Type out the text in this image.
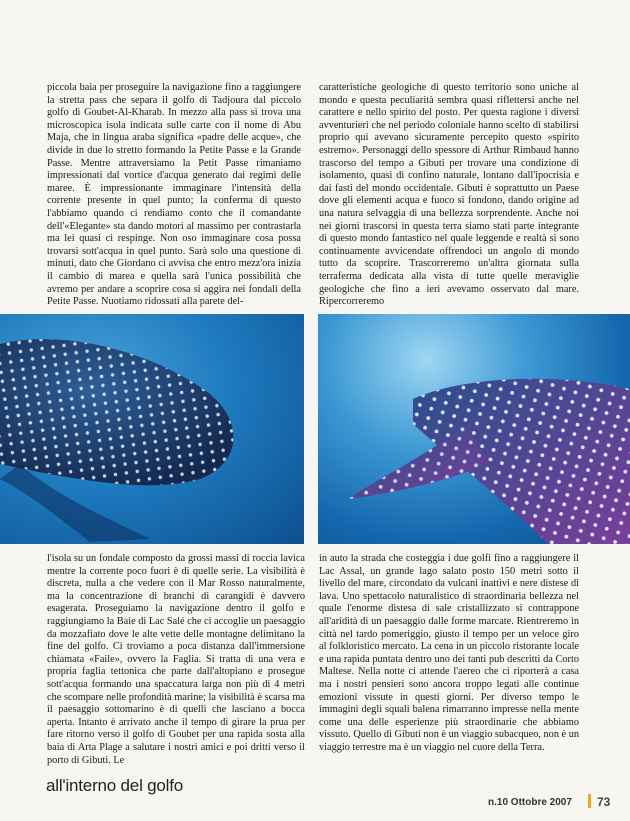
piccola baia per proseguire la navigazione fino a raggiungere la stretta pass che separa il golfo di Tadjoura dal piccolo golfo di Goubet-Al-Kharab. In mezzo alla pass si trova una microscopica isola indicata sulle carte con il nome di Abu Maja, che in lingua araba significa «padre delle acque», che divide in due lo stretto formando la Petite Passe e la Grande Passe. Mentre attraversiamo la Petit Passe rimaniamo impressionati dal vortice d'acqua generato dai regimi delle maree. È impressionante immaginare l'intensità della corrente presente in quel punto; la conferma di questo l'abbiamo quando ci rendiamo conto che il comandante dell'«Elegante» sta dando motori al massimo per contrastarla ma lei quasi ci respinge. Non oso immaginare cosa possa trovarsi sott'acqua in quel punto. Sarà solo una questione di minuti, dato che Giordano ci avvisa che entro mezz'ora inizia il cambio di marea e quella sarà l'unica possibilità che avremo per andare a scoprire cosa si aggira nei fondali della Petite Passe. Nuotiamo ridossati alla parete del-

caratteristiche geologiche di questo territorio sono uniche al mondo e questa peculiarità sembra quasi riflettersi anche nel carattere e nello spirito del posto. Per questa ragione i diversi avventurieri che nel periodo coloniale hanno scelto di stabilirsi proprio qui avevano sicuramente percepito questo «spirito estremo». Personaggi dello spessore di Arthur Rimbaud hanno trascorso del tempo a Gibuti per trovare una condizione di isolamento, quasi di confino naturale, lontano dall'ipocrisia e dai fasti del mondo occidentale. Gibuti è soprattutto un Paese dove gli elementi acqua e fuoco si fondono, dando origine ad una natura selvaggia di una bellezza sorprendente. Anche noi nei giorni trascorsi in questa terra siamo stati parte integrante di questo mondo fantastico nel quale leggende e realtà si sono continuamente avvicendate offrendoci un angolo di mondo tutto da scoprire. Trascorreremo un'altra giornata sulla terraferma dedicata alla vista di tutte quelle meraviglie geologiche che fino a ieri avevamo osservato dal mare. Ripercorreremo

l'isola su un fondale composto da grossi massi di roccia lavica mentre la corrente poco fuori è di quelle serie. La visibilità è discreta, nulla a che vedere con il Mar Rosso naturalmente, ma la concentrazione di branchi di carangidi è davvero esagerata. Proseguiamo la navigazione dentro il golfo e raggiungiamo la Baie di Lac Salé che ci accoglie un paesaggio da mozzafiato dove le alte vette delle montagne delimitano la fine del golfo. Ci troviamo a poca distanza dall'immersione chiamata «Faile», ovvero la Faglia. Si tratta di una vera e propria faglia tettonica che parte dall'altopiano e prosegue sott'acqua formando una spaccatura larga non più di 4 metri che scompare nelle profondità marine; la visibilità è scarsa ma il paesaggio sottomarino è di quelli che lasciano a bocca aperta. Intanto è arrivato anche il tempo di girare la prua per fare ritorno verso il golfo di Goubet per una rapida sosta alla baia di Arta Plage a salutare i nostri amici e poi dritti verso il porto di Gibuti. Le

in auto la strada che costeggia i due golfi fino a raggiungere il Lac Assal, un grande lago salato posto 150 metri sotto il livello del mare, circondato da vulcani inattivi e nere distese di lava. Uno spettacolo naturalistico di straordinaria bellezza nel quale l'enorme distesa di sale cristallizzato si contrappone all'aridità di un paesaggio dalle forme marcate. Rientreremo in città nel tardo pomeriggio, giusto il tempo per un veloce giro al folkloristico mercato. La cena in un piccolo ristorante locale e una rapida puntata dentro uno dei tanti pub descritti da Corto Maltese. Nella notte ci attende l'aereo che ci riporterà a casa ma i nostri pensieri sono ancora troppo legati alle continue emozioni vissute in questi giorni. Per diverso tempo le immagini degli squali balena rimarranno impresse nella mente come una delle esperienze più straordinarie che abbiamo vissuto. Quello di Gibuti non è un viaggio subacqueo, non è un viaggio terrestre ma è un viaggio nel cuore della Terra.

all'interno del golfo
n.10 Ottobre 2007 73
